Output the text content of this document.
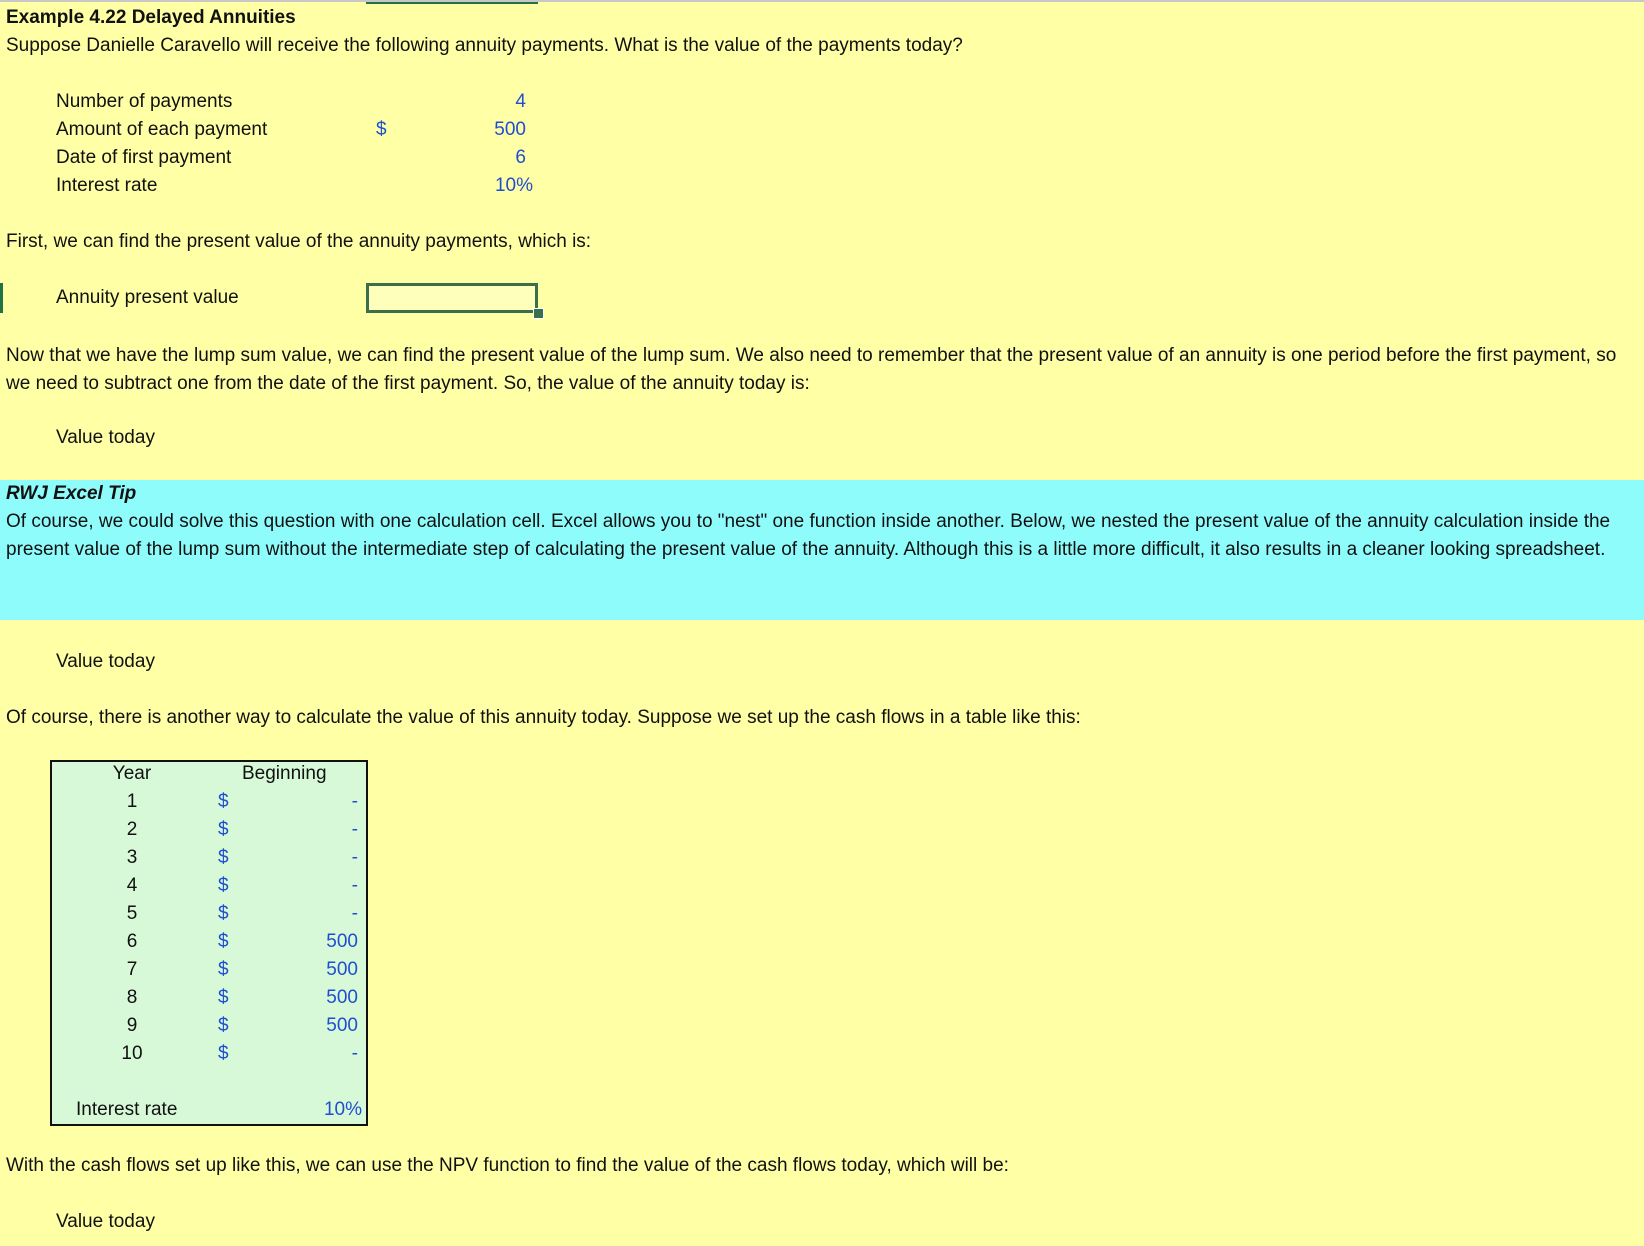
Example 4.22 Delayed Annuities
Suppose Danielle Caravello will receive the following annuity payments. What is the value of the payments today?
Number of payments	4
Amount of each payment	$	500
Date of first payment	6
Interest rate	10%
First, we can find the present value of the annuity payments, which is:
Annuity present value
Now that we have the lump sum value, we can find the present value of the lump sum. We also need to remember that the present value of an annuity is one period before the first payment, so we need to subtract one from the date of the first payment. So, the value of the annuity today is:
Value today
RWJ Excel Tip
Of course, we could solve this question with one calculation cell. Excel allows you to "nest" one function inside another. Below, we nested the present value of the annuity calculation inside the present value of the lump sum without the intermediate step of calculating the present value of the annuity. Although this is a little more difficult, it also results in a cleaner looking spreadsheet.
Value today
Of course, there is another way to calculate the value of this annuity today. Suppose we set up the cash flows in a table like this:
Year	Beginning
1	$	-
2	$	-
3	$	-
4	$	-
5	$	-
6	$	500
7	$	500
8	$	500
9	$	500
10	$	-
Interest rate	10%
With the cash flows set up like this, we can use the NPV function to find the value of the cash flows today, which will be:
Value today
